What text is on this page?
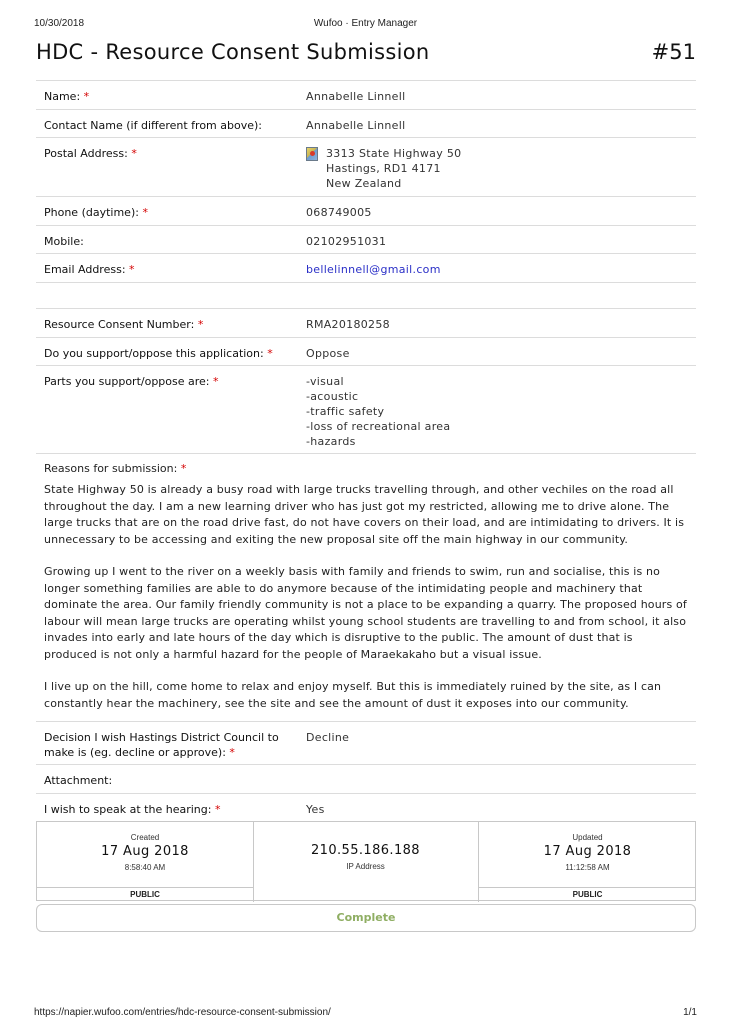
10/30/2018	Wufoo · Entry Manager
HDC - Resource Consent Submission	#51
Name: *	Annabelle Linnell
Contact Name (if different from above):	Annabelle Linnell
Postal Address: *	3313 State Highway 50
Hastings, RD1 4171
New Zealand

Phone (daytime): *	068749005
Mobile:	02102951031
Email Address: *	bellelinnell@gmail.com

Resource Consent Number: *	RMA20180258
Do you support/oppose this application: *	Oppose
Parts you support/oppose are: *	-visual
-acoustic
-traffic safety
-loss of recreational area
-hazards

Reasons for submission: *

State Highway 50 is already a busy road with large trucks travelling through, and other vechiles on the road all throughout the day. I am a new learning driver who has just got my restricted, allowing me to drive alone. The large trucks that are on the road drive fast, do not have covers on their load, and are intimidating to drivers. It is unnecessary to be accessing and exiting the new proposal site off the main highway in our community.

Growing up I went to the river on a weekly basis with family and friends to swim, run and socialise, this is no longer something families are able to do anymore because of the intimidating people and machinery that dominate the area. Our family friendly community is not a place to be expanding a quarry. The proposed hours of labour will mean large trucks are operating whilst young school students are travelling to and from school, it also invades into early and late hours of the day which is disruptive to the public. The amount of dust that is produced is not only a harmful hazard for the people of Maraekakaho but a visual issue.

I live up on the hill, come home to relax and enjoy myself. But this is immediately ruined by the site, as I can constantly hear the machinery, see the site and see the amount of dust it exposes into our community.	

Decision I wish Hastings District Council to make is (eg. decline or approve): *	Decline
Attachment:	
I wish to speak at the hearing: *	Yes
Created
17 Aug 2018
8:58:40 AM
PUBLIC
210.55.186.188
IP Address
Updated
17 Aug 2018
11:12:58 AM
PUBLIC
Complete
https://napier.wufoo.com/entries/hdc-resource-consent-submission/	1/1
